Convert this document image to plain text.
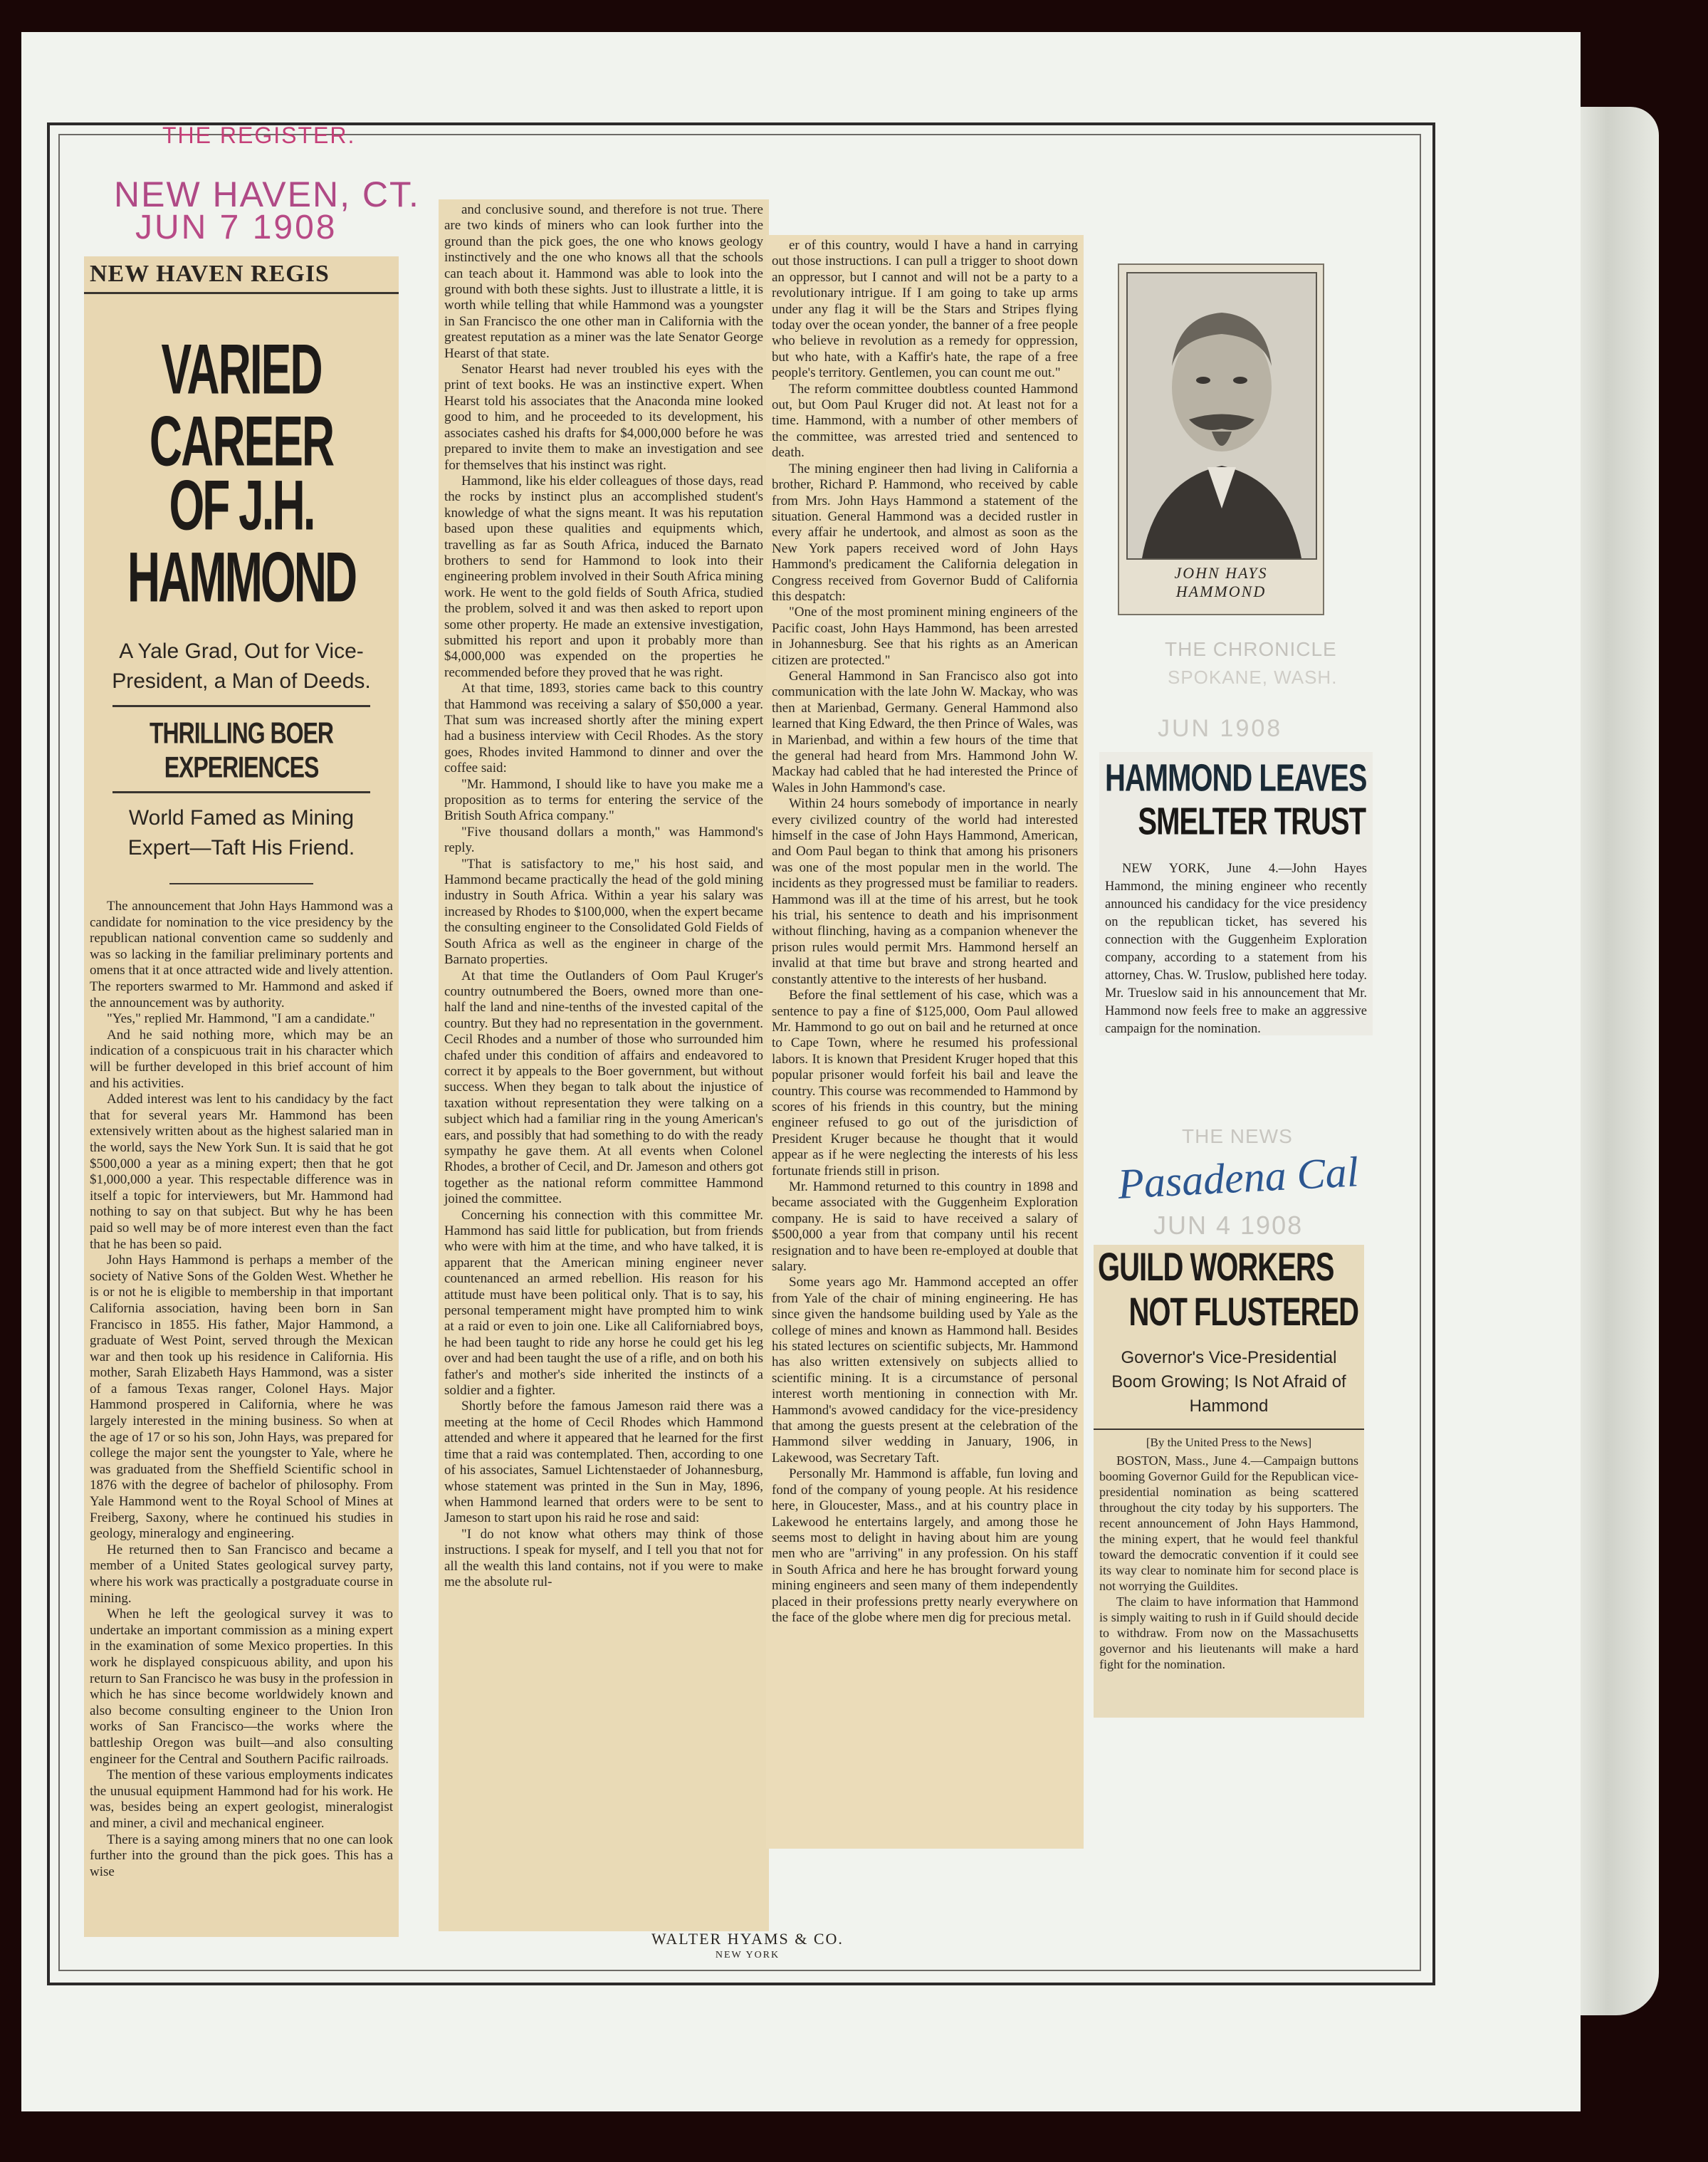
THE REGISTER.
NEW HAVEN, CT.
JUN 7 1908
NEW HAVEN REGIS
VARIED CAREER
OF J.H. HAMMOND
A Yale Grad, Out for Vice-President, a Man of Deeds.
THRILLING BOER EXPERIENCES
World Famed as Mining Expert—Taft His Friend.

The announcement that John Hays Hammond was a candidate for nomination to the vice presidency by the republican national convention came so suddenly and was so lacking in the familiar preliminary portents and omens that it at once attracted wide and lively attention. The reporters swarmed to Mr. Hammond and asked if the announcement was by authority.

"Yes," replied Mr. Hammond, "I am a candidate."

And he said nothing more, which may be an indication of a conspicuous trait in his character which will be further developed in this brief account of him and his activities.

Added interest was lent to his candidacy by the fact that for several years Mr. Hammond has been extensively written about as the highest salaried man in the world, says the New York Sun. It is said that he got $500,000 a year as a mining expert; then that he got $1,000,000 a year. This respectable difference was in itself a topic for interviewers, but Mr. Hammond had nothing to say on that subject. But why he has been paid so well may be of more interest even than the fact that he has been so paid.

John Hays Hammond is perhaps a member of the society of Native Sons of the Golden West. Whether he is or not he is eligible to membership in that important California association, having been born in San Francisco in 1855. His father, Major Hammond, a graduate of West Point, served through the Mexican war and then took up his residence in California. His mother, Sarah Elizabeth Hays Hammond, was a sister of a famous Texas ranger, Colonel Hays. Major Hammond prospered in California, where he was largely interested in the mining business. So when at the age of 17 or so his son, John Hays, was prepared for college the major sent the youngster to Yale, where he was graduated from the Sheffield Scientific school in 1876 with the degree of bachelor of philosophy. From Yale Hammond went to the Royal School of Mines at Freiberg, Saxony, where he continued his studies in geology, mineralogy and engineering.

He returned then to San Francisco and became a member of a United States geological survey party, where his work was practically a postgraduate course in mining.

When he left the geological survey it was to undertake an important commission as a mining expert in the examination of some Mexico properties. In this work he displayed conspicuous ability, and upon his return to San Francisco he was busy in the profession in which he has since become worldwidely known and also become consulting engineer to the Union Iron works of San Francisco—the works where the battleship Oregon was built—and also consulting engineer for the Central and Southern Pacific railroads.

The mention of these various employments indicates the unusual equipment Hammond had for his work. He was, besides being an expert geologist, mineralogist and miner, a civil and mechanical engineer.

There is a saying among miners that no one can look further into the ground than the pick goes. This has a wise

and conclusive sound, and therefore is not true. There are two kinds of miners who can look further into the ground than the pick goes, the one who knows geology instinctively and the one who knows all that the schools can teach about it. Hammond was able to look into the ground with both these sights. Just to illustrate a little, it is worth while telling that while Hammond was a youngster in San Francisco the one other man in California with the greatest reputation as a miner was the late Senator George Hearst of that state.

Senator Hearst had never troubled his eyes with the print of text books. He was an instinctive expert. When Hearst told his associates that the Anaconda mine looked good to him, and he proceeded to its development, his associates cashed his drafts for $4,000,000 before he was prepared to invite them to make an investigation and see for themselves that his instinct was right.

Hammond, like his elder colleagues of those days, read the rocks by instinct plus an accomplished student's knowledge of what the signs meant. It was his reputation based upon these qualities and equipments which, travelling as far as South Africa, induced the Barnato brothers to send for Hammond to look into their engineering problem involved in their South Africa mining work. He went to the gold fields of South Africa, studied the problem, solved it and was then asked to report upon some other property. He made an extensive investigation, submitted his report and upon it probably more than $4,000,000 was expended on the properties he recommended before they proved that he was right.

At that time, 1893, stories came back to this country that Hammond was receiving a salary of $50,000 a year. That sum was increased shortly after the mining expert had a business interview with Cecil Rhodes. As the story goes, Rhodes invited Hammond to dinner and over the coffee said:

"Mr. Hammond, I should like to have you make me a proposition as to terms for entering the service of the British South Africa company."

"Five thousand dollars a month," was Hammond's reply.

"That is satisfactory to me," his host said, and Hammond became practically the head of the gold mining industry in South Africa. Within a year his salary was increased by Rhodes to $100,000, when the expert became the consulting engineer to the Consolidated Gold Fields of South Africa as well as the engineer in charge of the Barnato properties.

At that time the Outlanders of Oom Paul Kruger's country outnumbered the Boers, owned more than one-half the land and nine-tenths of the invested capital of the country. But they had no representation in the government. Cecil Rhodes and a number of those who surrounded him chafed under this condition of affairs and endeavored to correct it by appeals to the Boer government, but without success. When they began to talk about the injustice of taxation without representation they were talking on a subject which had a familiar ring in the young American's ears, and possibly that had something to do with the ready sympathy he gave them. At all events when Colonel Rhodes, a brother of Cecil, and Dr. Jameson and others got together as the national reform committee Hammond joined the committee.

Concerning his connection with this committee Mr. Hammond has said little for publication, but from friends who were with him at the time, and who have talked, it is apparent that the American mining engineer never countenanced an armed rebellion. His reason for his attitude must have been political only. That is to say, his personal temperament might have prompted him to wink at a raid or even to join one. Like all Californiabred boys, he had been taught to ride any horse he could get his leg over and had been taught the use of a rifle, and on both his father's and mother's side inherited the instincts of a soldier and a fighter.

Shortly before the famous Jameson raid there was a meeting at the home of Cecil Rhodes which Hammond attended and where it appeared that he learned for the first time that a raid was contemplated. Then, according to one of his associates, Samuel Lichtenstaeder of Johannesburg, whose statement was printed in the Sun in May, 1896, when Hammond learned that orders were to be sent to Jameson to start upon his raid he rose and said:

"I do not know what others may think of those instructions. I speak for myself, and I tell you that not for all the wealth this land contains, not if you were to make me the absolute rul-

er of this country, would I have a hand in carrying out those instructions. I can pull a trigger to shoot down an oppressor, but I cannot and will not be a party to a revolutionary intrigue. If I am going to take up arms under any flag it will be the Stars and Stripes flying today over the ocean yonder, the banner of a free people who believe in revolution as a remedy for oppression, but who hate, with a Kaffir's hate, the rape of a free people's territory. Gentlemen, you can count me out."

The reform committee doubtless counted Hammond out, but Oom Paul Kruger did not. At least not for a time. Hammond, with a number of other members of the committee, was arrested tried and sentenced to death.

The mining engineer then had living in California a brother, Richard P. Hammond, who received by cable from Mrs. John Hays Hammond a statement of the situation. General Hammond was a decided rustler in every affair he undertook, and almost as soon as the New York papers received word of John Hays Hammond's predicament the California delegation in Congress received from Governor Budd of California this despatch:

"One of the most prominent mining engineers of the Pacific coast, John Hays Hammond, has been arrested in Johannesburg. See that his rights as an American citizen are protected."

General Hammond in San Francisco also got into communication with the late John W. Mackay, who was then at Marienbad, Germany. General Hammond also learned that King Edward, the then Prince of Wales, was in Marienbad, and within a few hours of the time that the general had heard from Mrs. Hammond John W. Mackay had cabled that he had interested the Prince of Wales in John Hammond's case.

Within 24 hours somebody of importance in nearly every civilized country of the world had interested himself in the case of John Hays Hammond, American, and Oom Paul began to think that among his prisoners was one of the most popular men in the world. The incidents as they progressed must be familiar to readers. Hammond was ill at the time of his arrest, but he took his trial, his sentence to death and his imprisonment without flinching, having as a companion whenever the prison rules would permit Mrs. Hammond herself an invalid at that time but brave and strong hearted and constantly attentive to the interests of her husband.

Before the final settlement of his case, which was a sentence to pay a fine of $125,000, Oom Paul allowed Mr. Hammond to go out on bail and he returned at once to Cape Town, where he resumed his professional labors. It is known that President Kruger hoped that this popular prisoner would forfeit his bail and leave the country. This course was recommended to Hammond by scores of his friends in this country, but the mining engineer refused to go out of the jurisdiction of President Kruger because he thought that it would appear as if he were neglecting the interests of his less fortunate friends still in prison.

Mr. Hammond returned to this country in 1898 and became associated with the Guggenheim Exploration company. He is said to have received a salary of $500,000 a year from that company until his recent resignation and to have been re-employed at double that salary.

Some years ago Mr. Hammond accepted an offer from Yale of the chair of mining engineering. He has since given the handsome building used by Yale as the college of mines and known as Hammond hall. Besides his stated lectures on scientific subjects, Mr. Hammond has also written extensively on subjects allied to scientific mining. It is a circumstance of personal interest worth mentioning in connection with Mr. Hammond's avowed candidacy for the vice-presidency that among the guests present at the celebration of the Hammond silver wedding in January, 1906, in Lakewood, was Secretary Taft.

Personally Mr. Hammond is affable, fun loving and fond of the company of young people. At his residence here, in Gloucester, Mass., and at his country place in Lakewood he entertains largely, and among those he seems most to delight in having about him are young men who are "arriving" in any profession. On his staff in South Africa and here he has brought forward young mining engineers and seen many of them independently placed in their professions pretty nearly everywhere on the face of the globe where men dig for precious metal.

JOHN HAYS
HAMMOND
THE CHRONICLE
SPOKANE, WASH.
JUN 1908
HAMMOND LEAVES
SMELTER TRUST
NEW YORK, June 4.—John Hayes Hammond, the mining engineer who recently announced his candidacy for the vice presidency on the republican ticket, has severed his connection with the Guggenheim Exploration company, according to a statement from his attorney, Chas. W. Truslow, published here today. Mr. Trueslow said in his announcement that Mr. Hammond now feels free to make an aggressive campaign for the nomination.
THE NEWS
Pasadena Cal
JUN 4 1908
GUILD WORKERS
NOT FLUSTERED
Governor's Vice-Presidential Boom Growing; Is Not Afraid of Hammond
[By the United Press to the News]

BOSTON, Mass., June 4.—Campaign buttons booming Governor Guild for the Republican vice-presidential nomination as being scattered throughout the city today by his supporters. The recent announcement of John Hays Hammond, the mining expert, that he would feel thankful toward the democratic convention if it could see its way clear to nominate him for second place is not worrying the Guildites.

The claim to have information that Hammond is simply waiting to rush in if Guild should decide to withdraw. From now on the Massachusetts governor and his lieutenants will make a hard fight for the nomination.

WALTER HYAMS & CO.
NEW YORK
